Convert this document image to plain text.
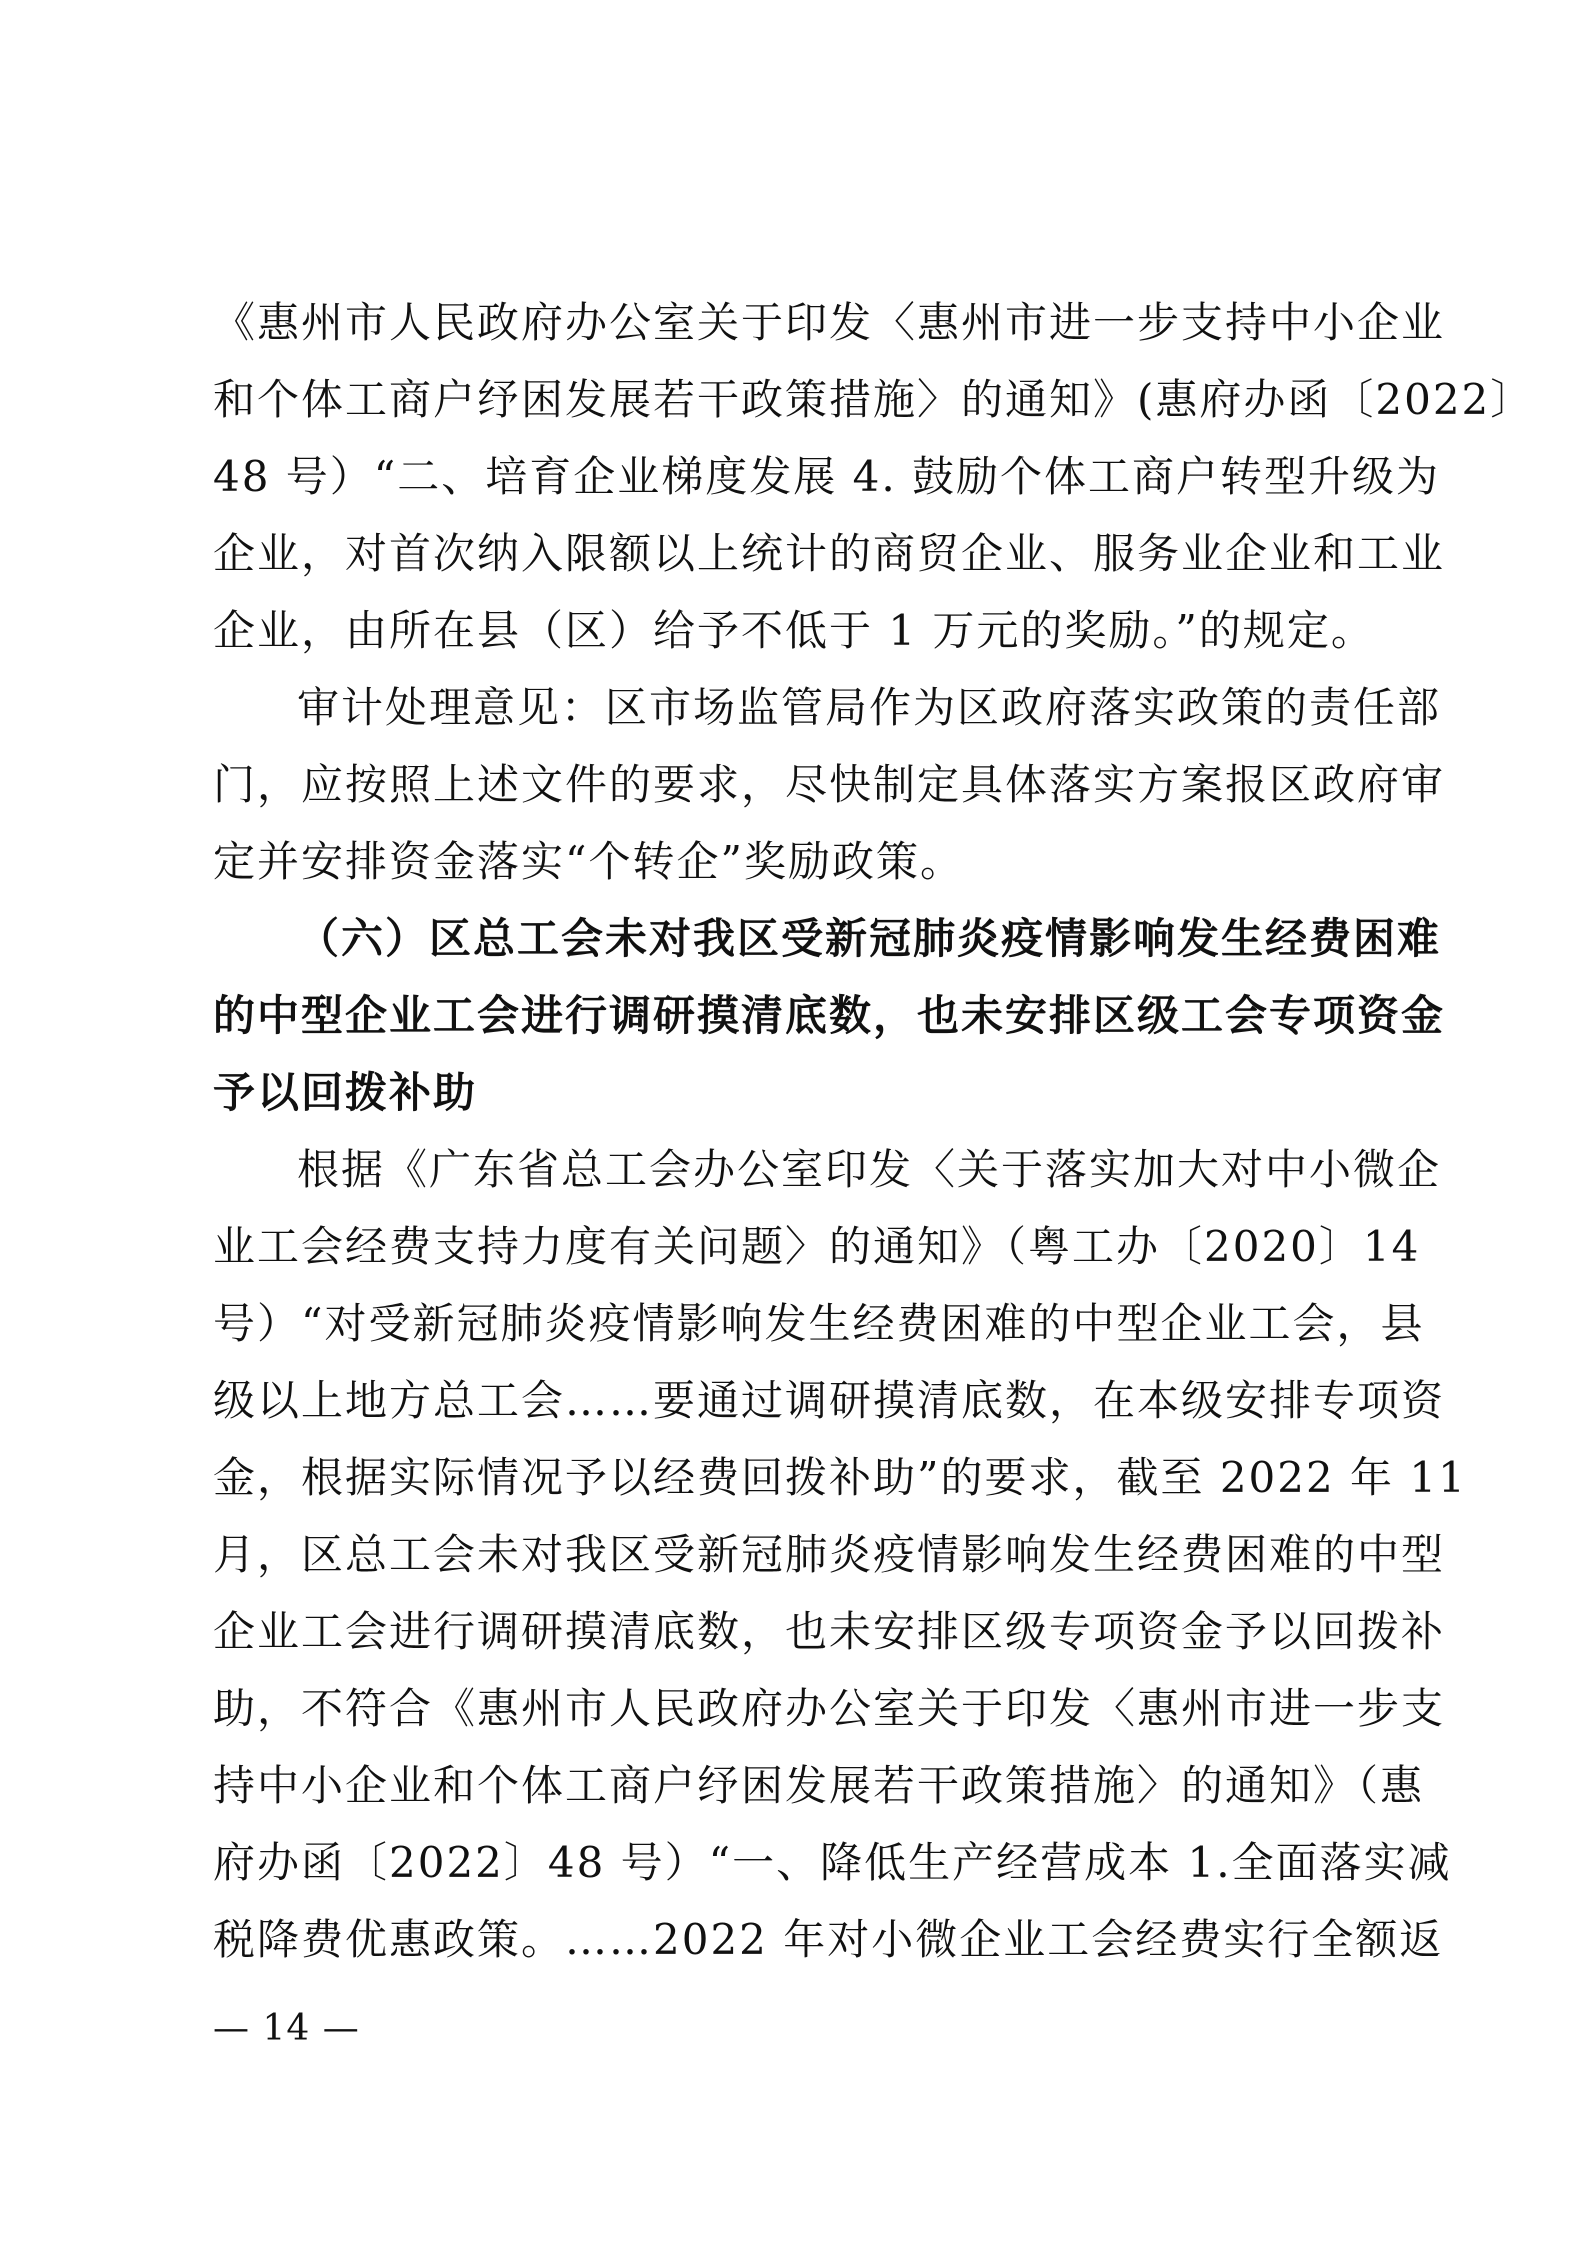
《惠州市人民政府办公室关于印发〈惠州市进一步支持中小企业
和个体工商户纾困发展若干政策措施〉的通知》(惠府办函〔2022〕
48 号）“二、培育企业梯度发展 4. 鼓励个体工商户转型升级为
企业，对首次纳入限额以上统计的商贸企业、服务业企业和工业
企业，由所在县（区）给予不低于 1 万元的奖励。”的规定。
审计处理意见：区市场监管局作为区政府落实政策的责任部
门，应按照上述文件的要求，尽快制定具体落实方案报区政府审
定并安排资金落实“个转企”奖励政策。
（六）区总工会未对我区受新冠肺炎疫情影响发生经费困难
的中型企业工会进行调研摸清底数，也未安排区级工会专项资金
予以回拨补助
根据《广东省总工会办公室印发〈关于落实加大对中小微企
业工会经费支持力度有关问题〉的通知》（粤工办〔2020〕14
号）“对受新冠肺炎疫情影响发生经费困难的中型企业工会，县
级以上地方总工会……要通过调研摸清底数，在本级安排专项资
金，根据实际情况予以经费回拨补助”的要求，截至 2022 年 11
月，区总工会未对我区受新冠肺炎疫情影响发生经费困难的中型
企业工会进行调研摸清底数，也未安排区级专项资金予以回拨补
助，不符合《惠州市人民政府办公室关于印发〈惠州市进一步支
持中小企业和个体工商户纾困发展若干政策措施〉的通知》（惠
府办函〔2022〕48 号）“一、降低生产经营成本 1.全面落实减
税降费优惠政策。……2022 年对小微企业工会经费实行全额返
— 14 —
